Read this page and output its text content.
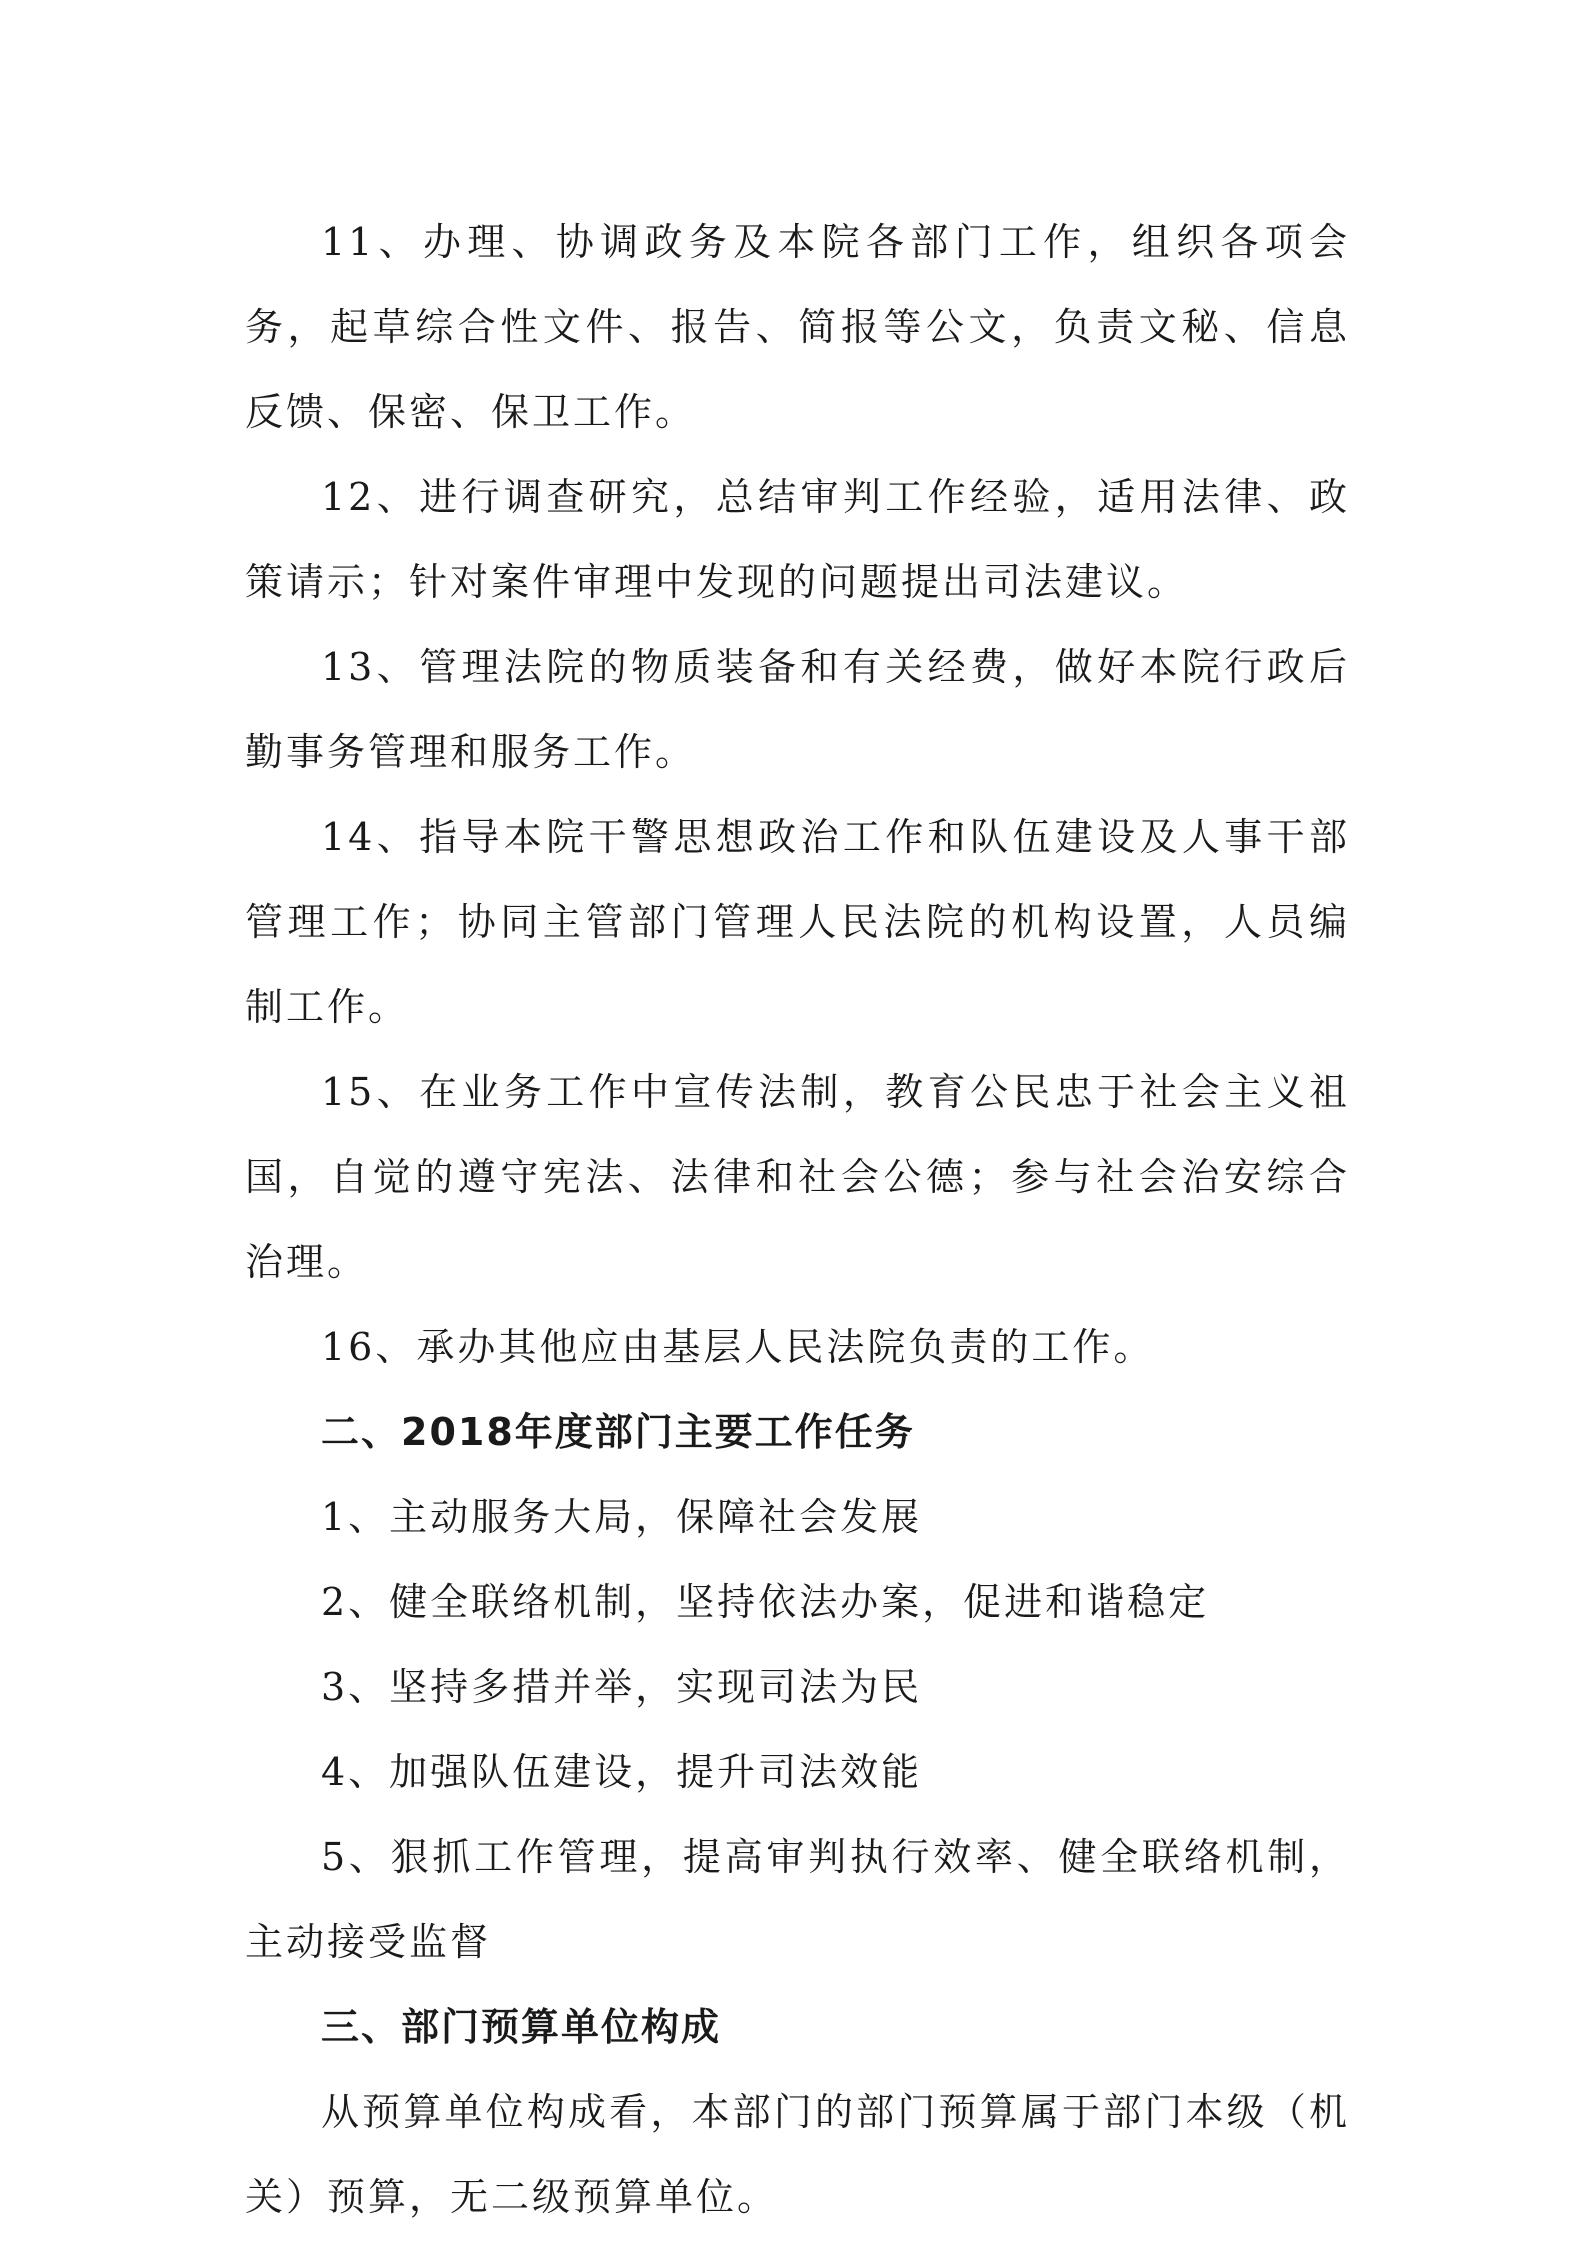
11、办理、协调政务及本院各部门工作，组织各项会务，起草综合性文件、报告、简报等公文，负责文秘、信息反馈、保密、保卫工作。

12、进行调查研究，总结审判工作经验，适用法律、政策请示；针对案件审理中发现的问题提出司法建议。

13、管理法院的物质装备和有关经费，做好本院行政后勤事务管理和服务工作。

14、指导本院干警思想政治工作和队伍建设及人事干部管理工作；协同主管部门管理人民法院的机构设置，人员编制工作。

15、在业务工作中宣传法制，教育公民忠于社会主义祖国，自觉的遵守宪法、法律和社会公德；参与社会治安综合治理。

16、承办其他应由基层人民法院负责的工作。

二、2018年度部门主要工作任务

1、主动服务大局，保障社会发展

2、健全联络机制，坚持依法办案，促进和谐稳定

3、坚持多措并举，实现司法为民

4、加强队伍建设，提升司法效能

5、狠抓工作管理，提高审判执行效率、健全联络机制，主动接受监督

三、部门预算单位构成

从预算单位构成看，本部门的部门预算属于部门本级（机关）预算，无二级预算单位。
